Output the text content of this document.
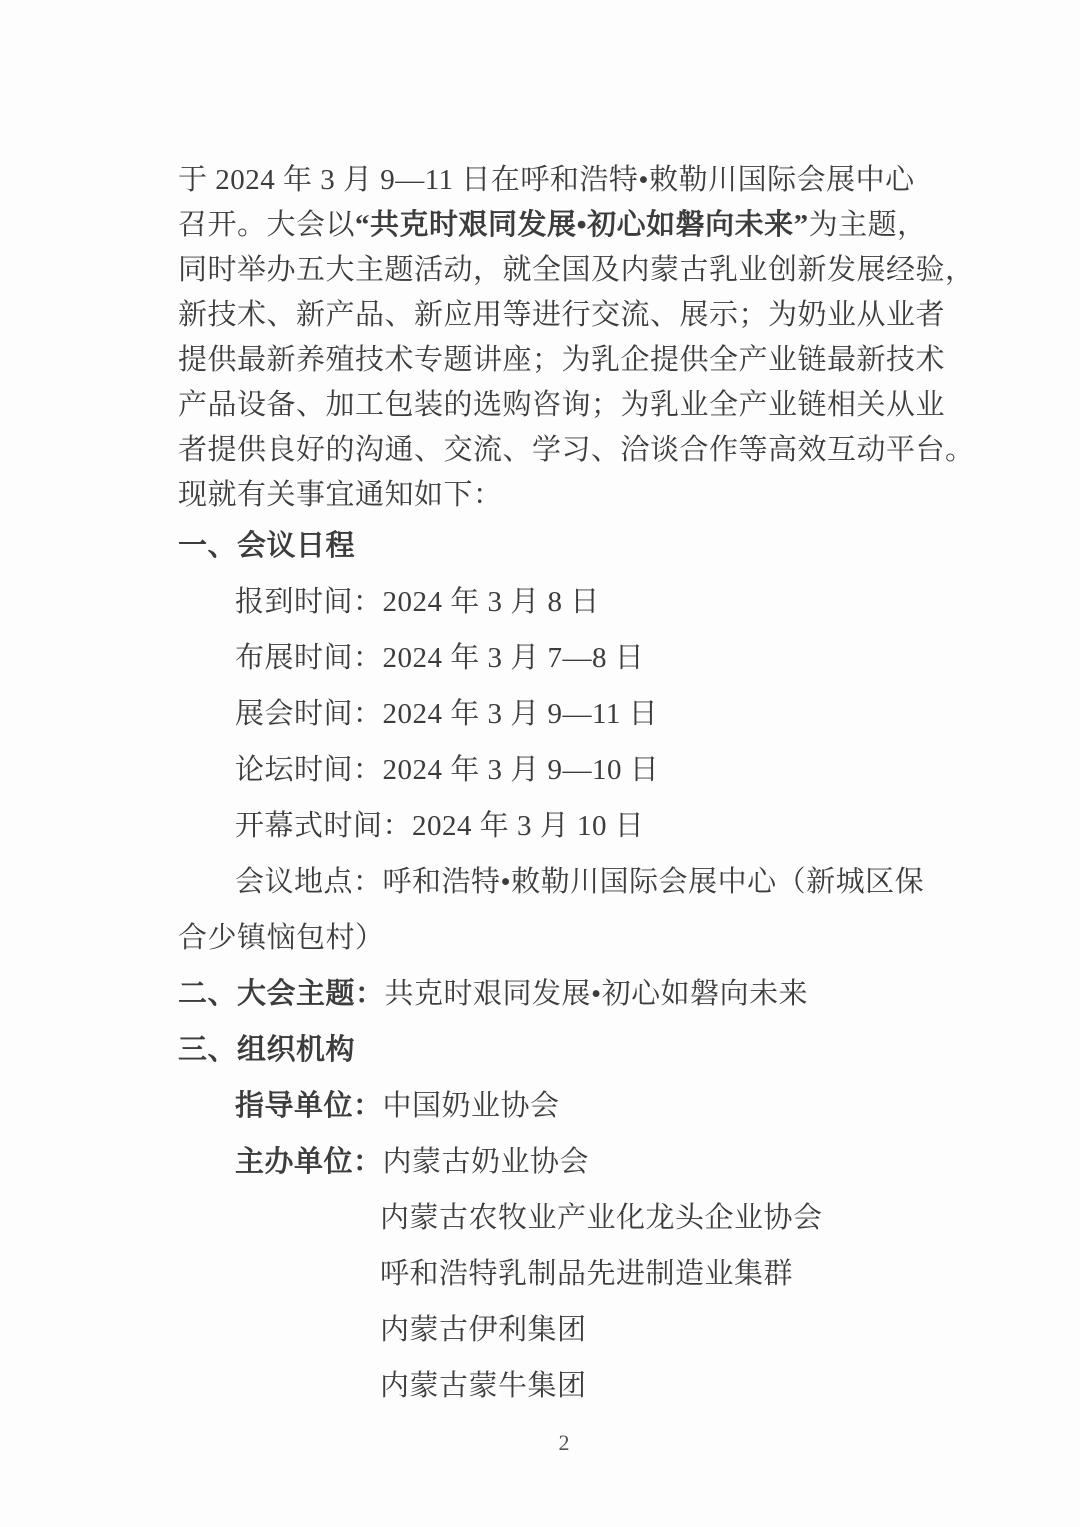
于 2024 年 3 月 9—11 日在呼和浩特•敕勒川国际会展中心
召开。大会以“共克时艰同发展•初心如磐向未来”为主题，
同时举办五大主题活动，就全国及内蒙古乳业创新发展经验，
新技术、新产品、新应用等进行交流、展示；为奶业从业者
提供最新养殖技术专题讲座；为乳企提供全产业链最新技术
产品设备、加工包装的选购咨询；为乳业全产业链相关从业
者提供良好的沟通、交流、学习、洽谈合作等高效互动平台。
现就有关事宜通知如下：
一、会议日程
报到时间：2024 年 3 月 8 日
布展时间：2024 年 3 月 7—8 日
展会时间：2024 年 3 月 9—11 日
论坛时间：2024 年 3 月 9—10 日
开幕式时间：2024 年 3 月 10 日
会议地点：呼和浩特•敕勒川国际会展中心（新城区保
合少镇恼包村）
二、大会主题：共克时艰同发展•初心如磐向未来
三、组织机构
指导单位：中国奶业协会
主办单位：内蒙古奶业协会
内蒙古农牧业产业化龙头企业协会
呼和浩特乳制品先进制造业集群
内蒙古伊利集团
内蒙古蒙牛集团
2
